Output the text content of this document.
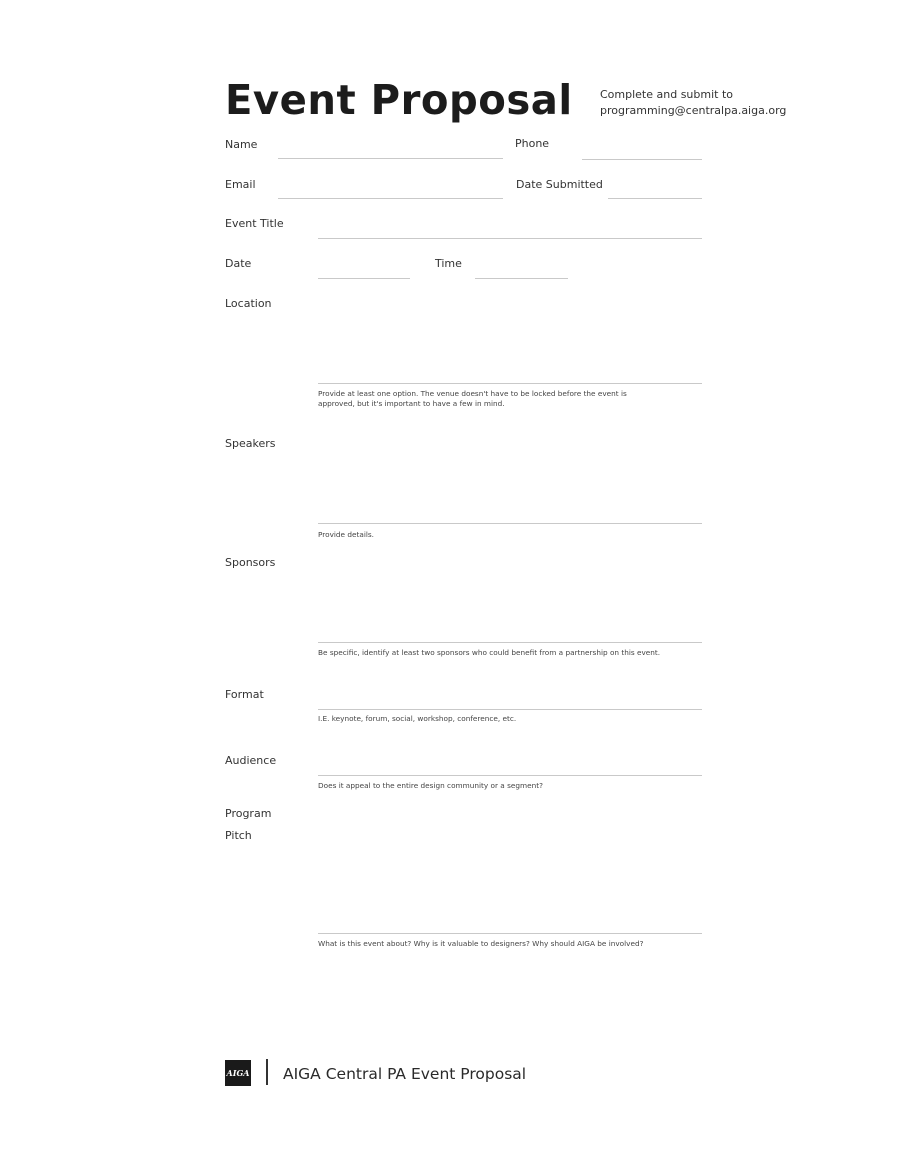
Event Proposal Complete and submit to
programming@centralpa.aiga.org
Name	Phone
Email	Date Submitted
Event Title
Date	Time
Location
Provide at least one option. The venue doesn't have to be locked before the event is
approved, but it's important to have a few in mind.
Speakers
Provide details.
Sponsors
Be specific, identify at least two sponsors who could benefit from a partnership on this event.
Format
I.E. keynote, forum, social, workshop, conference, etc.
Audience
Does it appeal to the entire design community or a segment?
Program
Pitch
What is this event about? Why is it valuable to designers? Why should AIGA be involved?
AIGA AIGA Central PA Event Proposal
